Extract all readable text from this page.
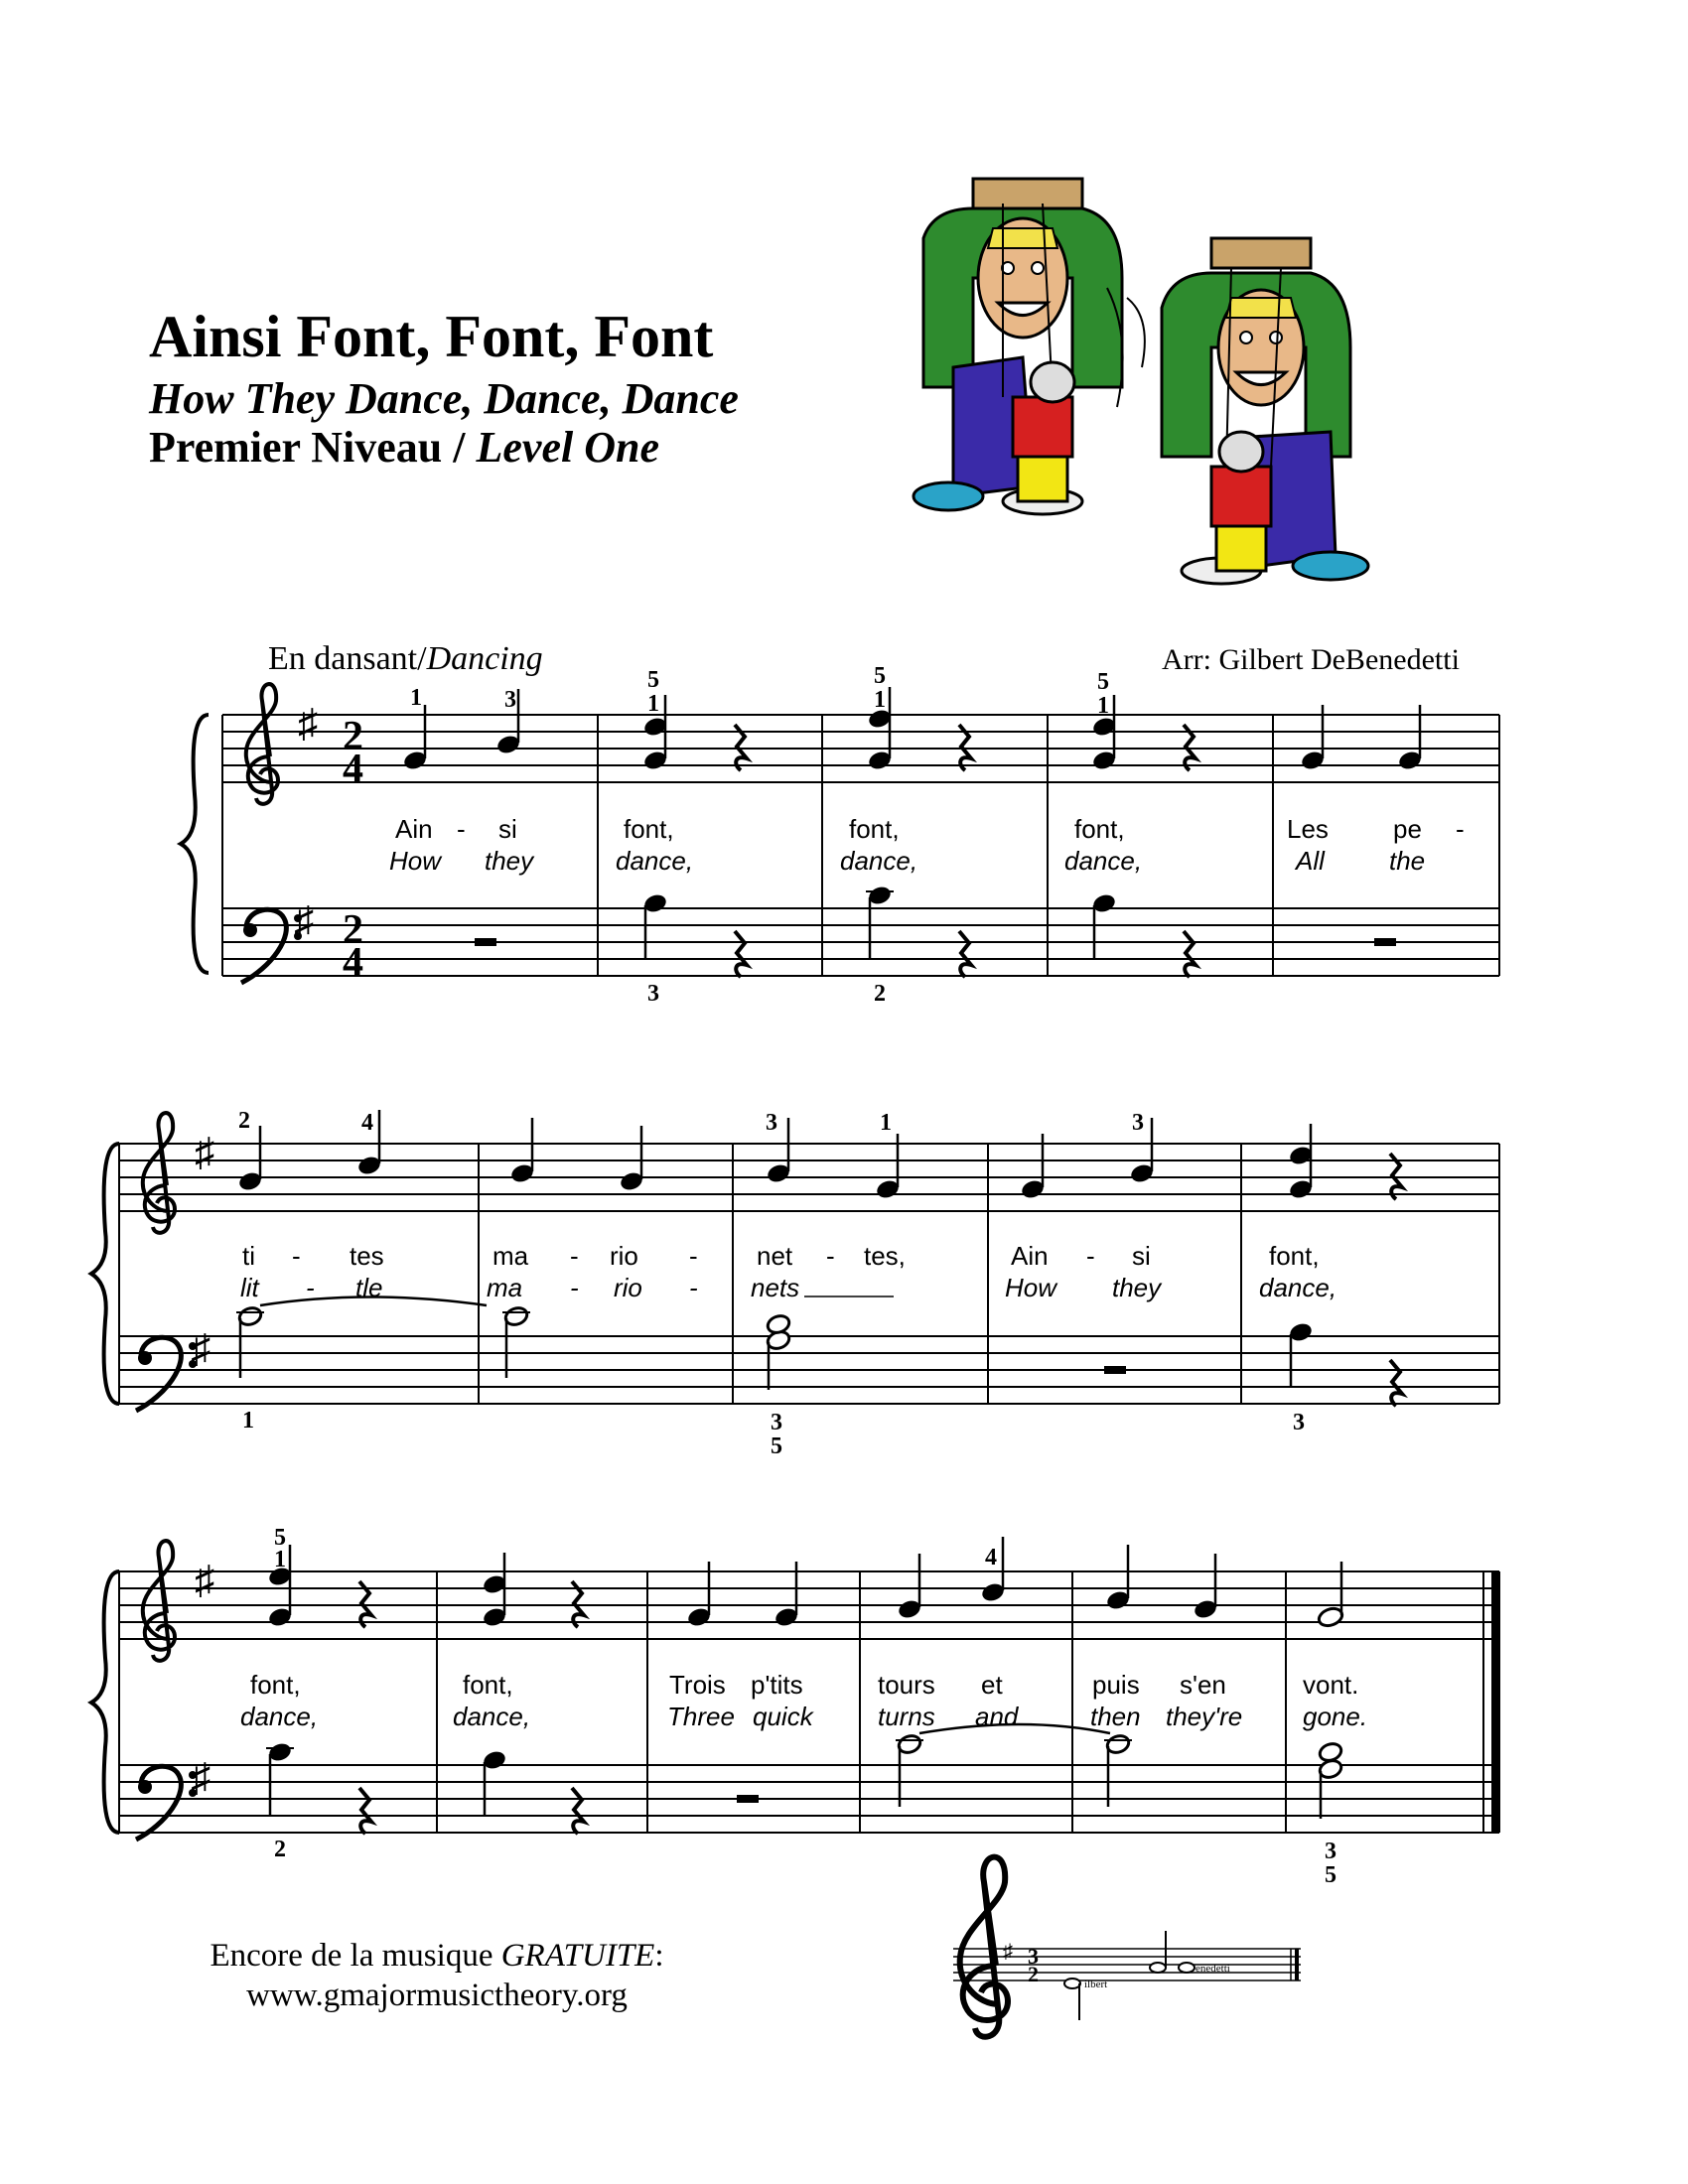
Ainsi Font, Font, Font
How They Dance, Dance, Dance
Premier Niveau / Level One
En dansant/Dancing	Arr: Gilbert DeBenedetti
♯
♯
2
4
2
4
♯
♯
♯
♯
1	3
5
1
5
1
5
1
3	2
2	4	3	1	3
1	3
5
3
5
1	4
2	3
5
♯ 3
2	ilbert
enedetti
Ain - si	font,	font,	font,	Les	pe -
How they	dance,	dance,	dance,	All	the
ti - tes	ma - rio - net - tes,	Ain - si	font,
lit - tle	ma - rio - nets	How they	dance,
font,	font,	Trois p'tits	tours et	puis s'en	vont.
dance,	dance,	Three quick	turns and	then they're gone.
Encore de la musique GRATUITE:
www.gmajormusictheory.org
